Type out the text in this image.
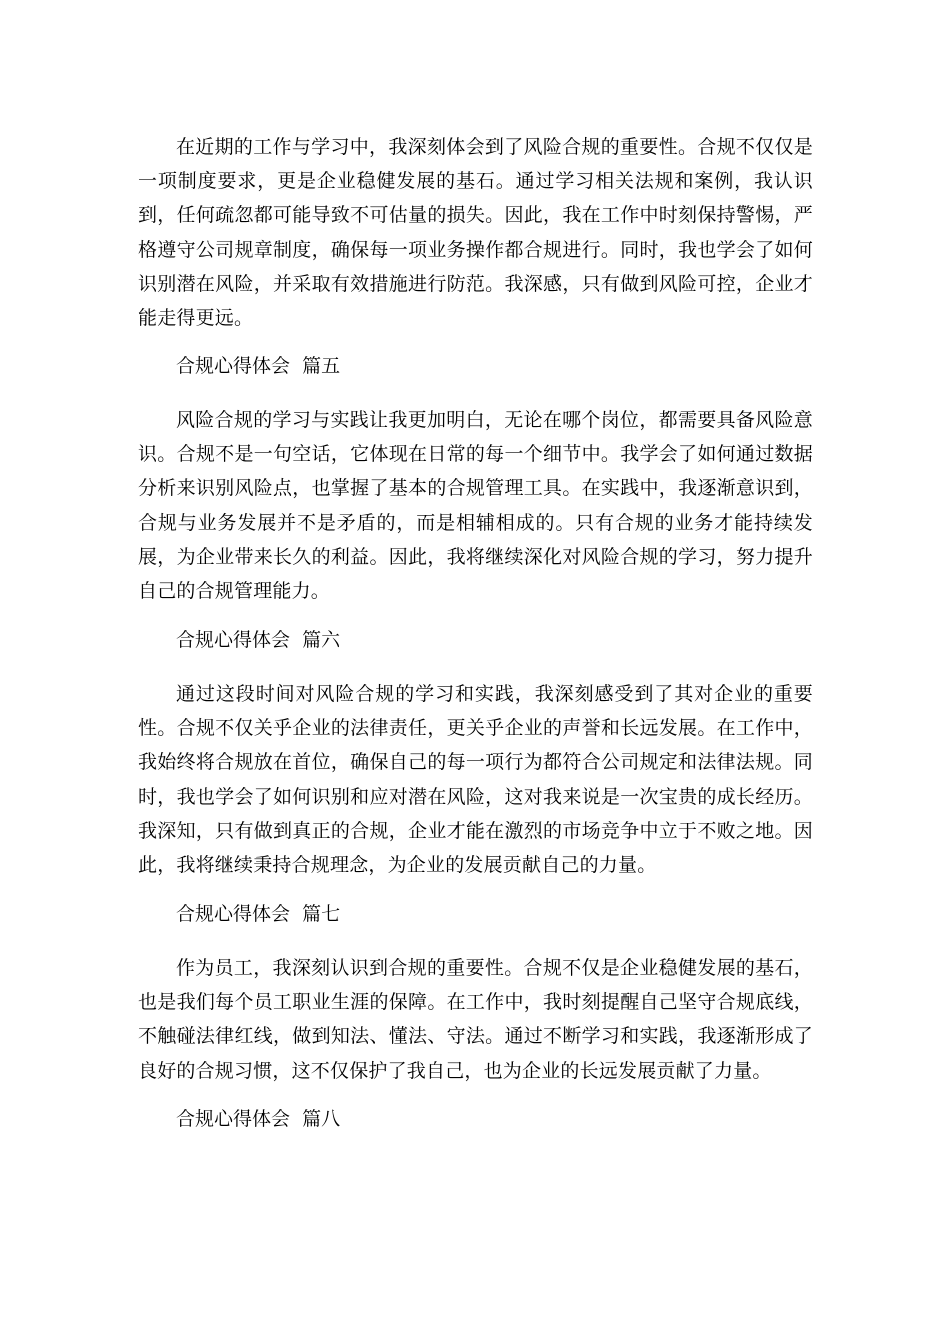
在近期的工作与学习中，我深刻体会到了风险合规的重要性。合规不仅仅是一项制度要求，更是企业稳健发展的基石。通过学习相关法规和案例，我认识到，任何疏忽都可能导致不可估量的损失。因此，我在工作中时刻保持警惕，严格遵守公司规章制度，确保每一项业务操作都合规进行。同时，我也学会了如何识别潜在风险，并采取有效措施进行防范。我深感，只有做到风险可控，企业才能走得更远。

合规心得体会  篇五

风险合规的学习与实践让我更加明白，无论在哪个岗位，都需要具备风险意识。合规不是一句空话，它体现在日常的每一个细节中。我学会了如何通过数据分析来识别风险点，也掌握了基本的合规管理工具。在实践中，我逐渐意识到，合规与业务发展并不是矛盾的，而是相辅相成的。只有合规的业务才能持续发展，为企业带来长久的利益。因此，我将继续深化对风险合规的学习，努力提升自己的合规管理能力。

合规心得体会  篇六

通过这段时间对风险合规的学习和实践，我深刻感受到了其对企业的重要性。合规不仅关乎企业的法律责任，更关乎企业的声誉和长远发展。在工作中，我始终将合规放在首位，确保自己的每一项行为都符合公司规定和法律法规。同时，我也学会了如何识别和应对潜在风险，这对我来说是一次宝贵的成长经历。我深知，只有做到真正的合规，企业才能在激烈的市场竞争中立于不败之地。因此，我将继续秉持合规理念，为企业的发展贡献自己的力量。

合规心得体会  篇七

作为员工，我深刻认识到合规的重要性。合规不仅是企业稳健发展的基石，也是我们每个员工职业生涯的保障。在工作中，我时刻提醒自己坚守合规底线，不触碰法律红线，做到知法、懂法、守法。通过不断学习和实践，我逐渐形成了良好的合规习惯，这不仅保护了我自己，也为企业的长远发展贡献了力量。

合规心得体会  篇八
